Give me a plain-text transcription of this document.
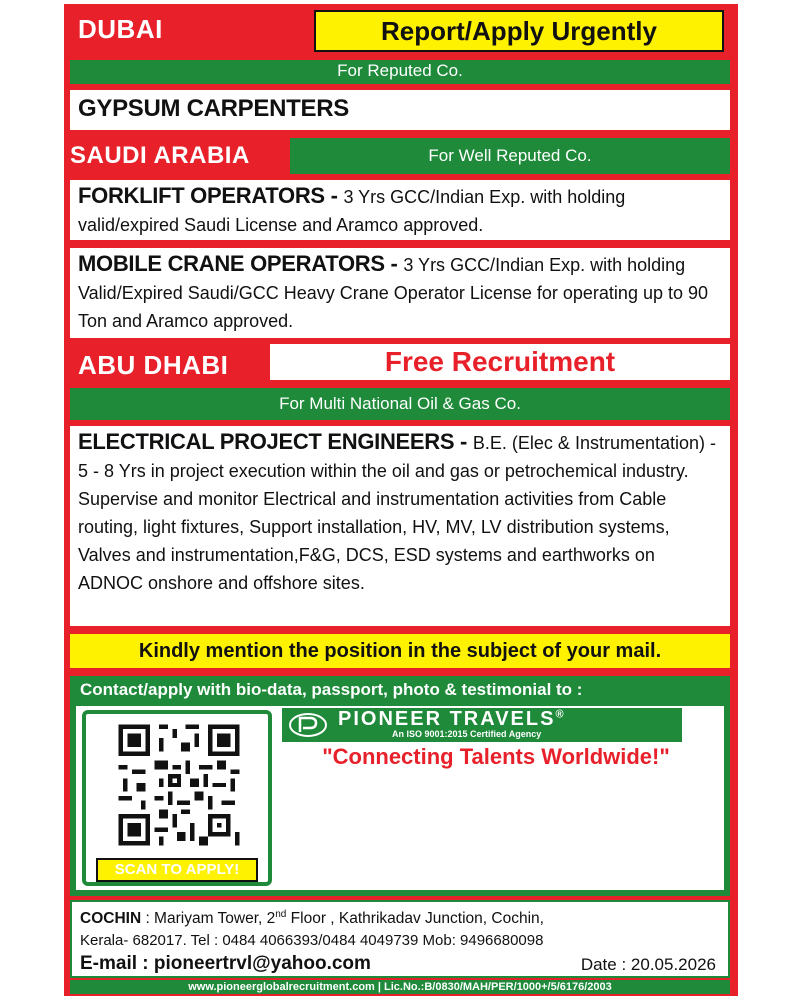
DUBAI	Report/Apply Urgently
For Reputed Co.
GYPSUM CARPENTERS
SAUDI ARABIA	For Well Reputed Co.
FORKLIFT OPERATORS - 3 Yrs GCC/Indian Exp. with holding valid/expired Saudi License and Aramco approved.
MOBILE CRANE OPERATORS - 3 Yrs GCC/Indian Exp. with holding Valid/Expired Saudi/GCC Heavy Crane Operator License for operating up to 90 Ton and Aramco approved.
ABU DHABI	Free Recruitment
For Multi National Oil & Gas Co.
ELECTRICAL PROJECT ENGINEERS - B.E. (Elec & Instrumentation) - 5 - 8 Yrs in project execution within the oil and gas or petrochemical industry. Supervise and monitor Electrical and instrumentation activities from Cable routing, light fixtures, Support installation, HV, MV, LV distribution systems, Valves and instrumentation,F&G, DCS, ESD systems and earthworks on ADNOC onshore and offshore sites.
Kindly mention the position in the subject of your mail.
Contact/apply with bio-data, passport, photo & testimonial to :
SCAN TO APPLY!
PIONEER TRAVELS®
An ISO 9001:2015 Certified Agency
"Connecting Talents Worldwide!"
6th floor, Shiv Chamber, Sector-11, Near
Railway Station, CBD-Belapur(W),
Navi Mumbai.
Tel.: 022-40390600(50 Lines)/9969266565
E-mail: cvpioneertravels@gmail.com
COCHIN : Mariyam Tower, 2nd Floor , Kathrikadav Junction, Cochin,
Kerala- 682017. Tel : 0484 4066393/0484 4049739 Mob: 9496680098
E-mail : pioneertrvl@yahoo.com	Date : 20.05.2026
www.pioneerglobalrecruitment.com | Lic.No.:B/0830/MAH/PER/1000+/5/6176/2003
